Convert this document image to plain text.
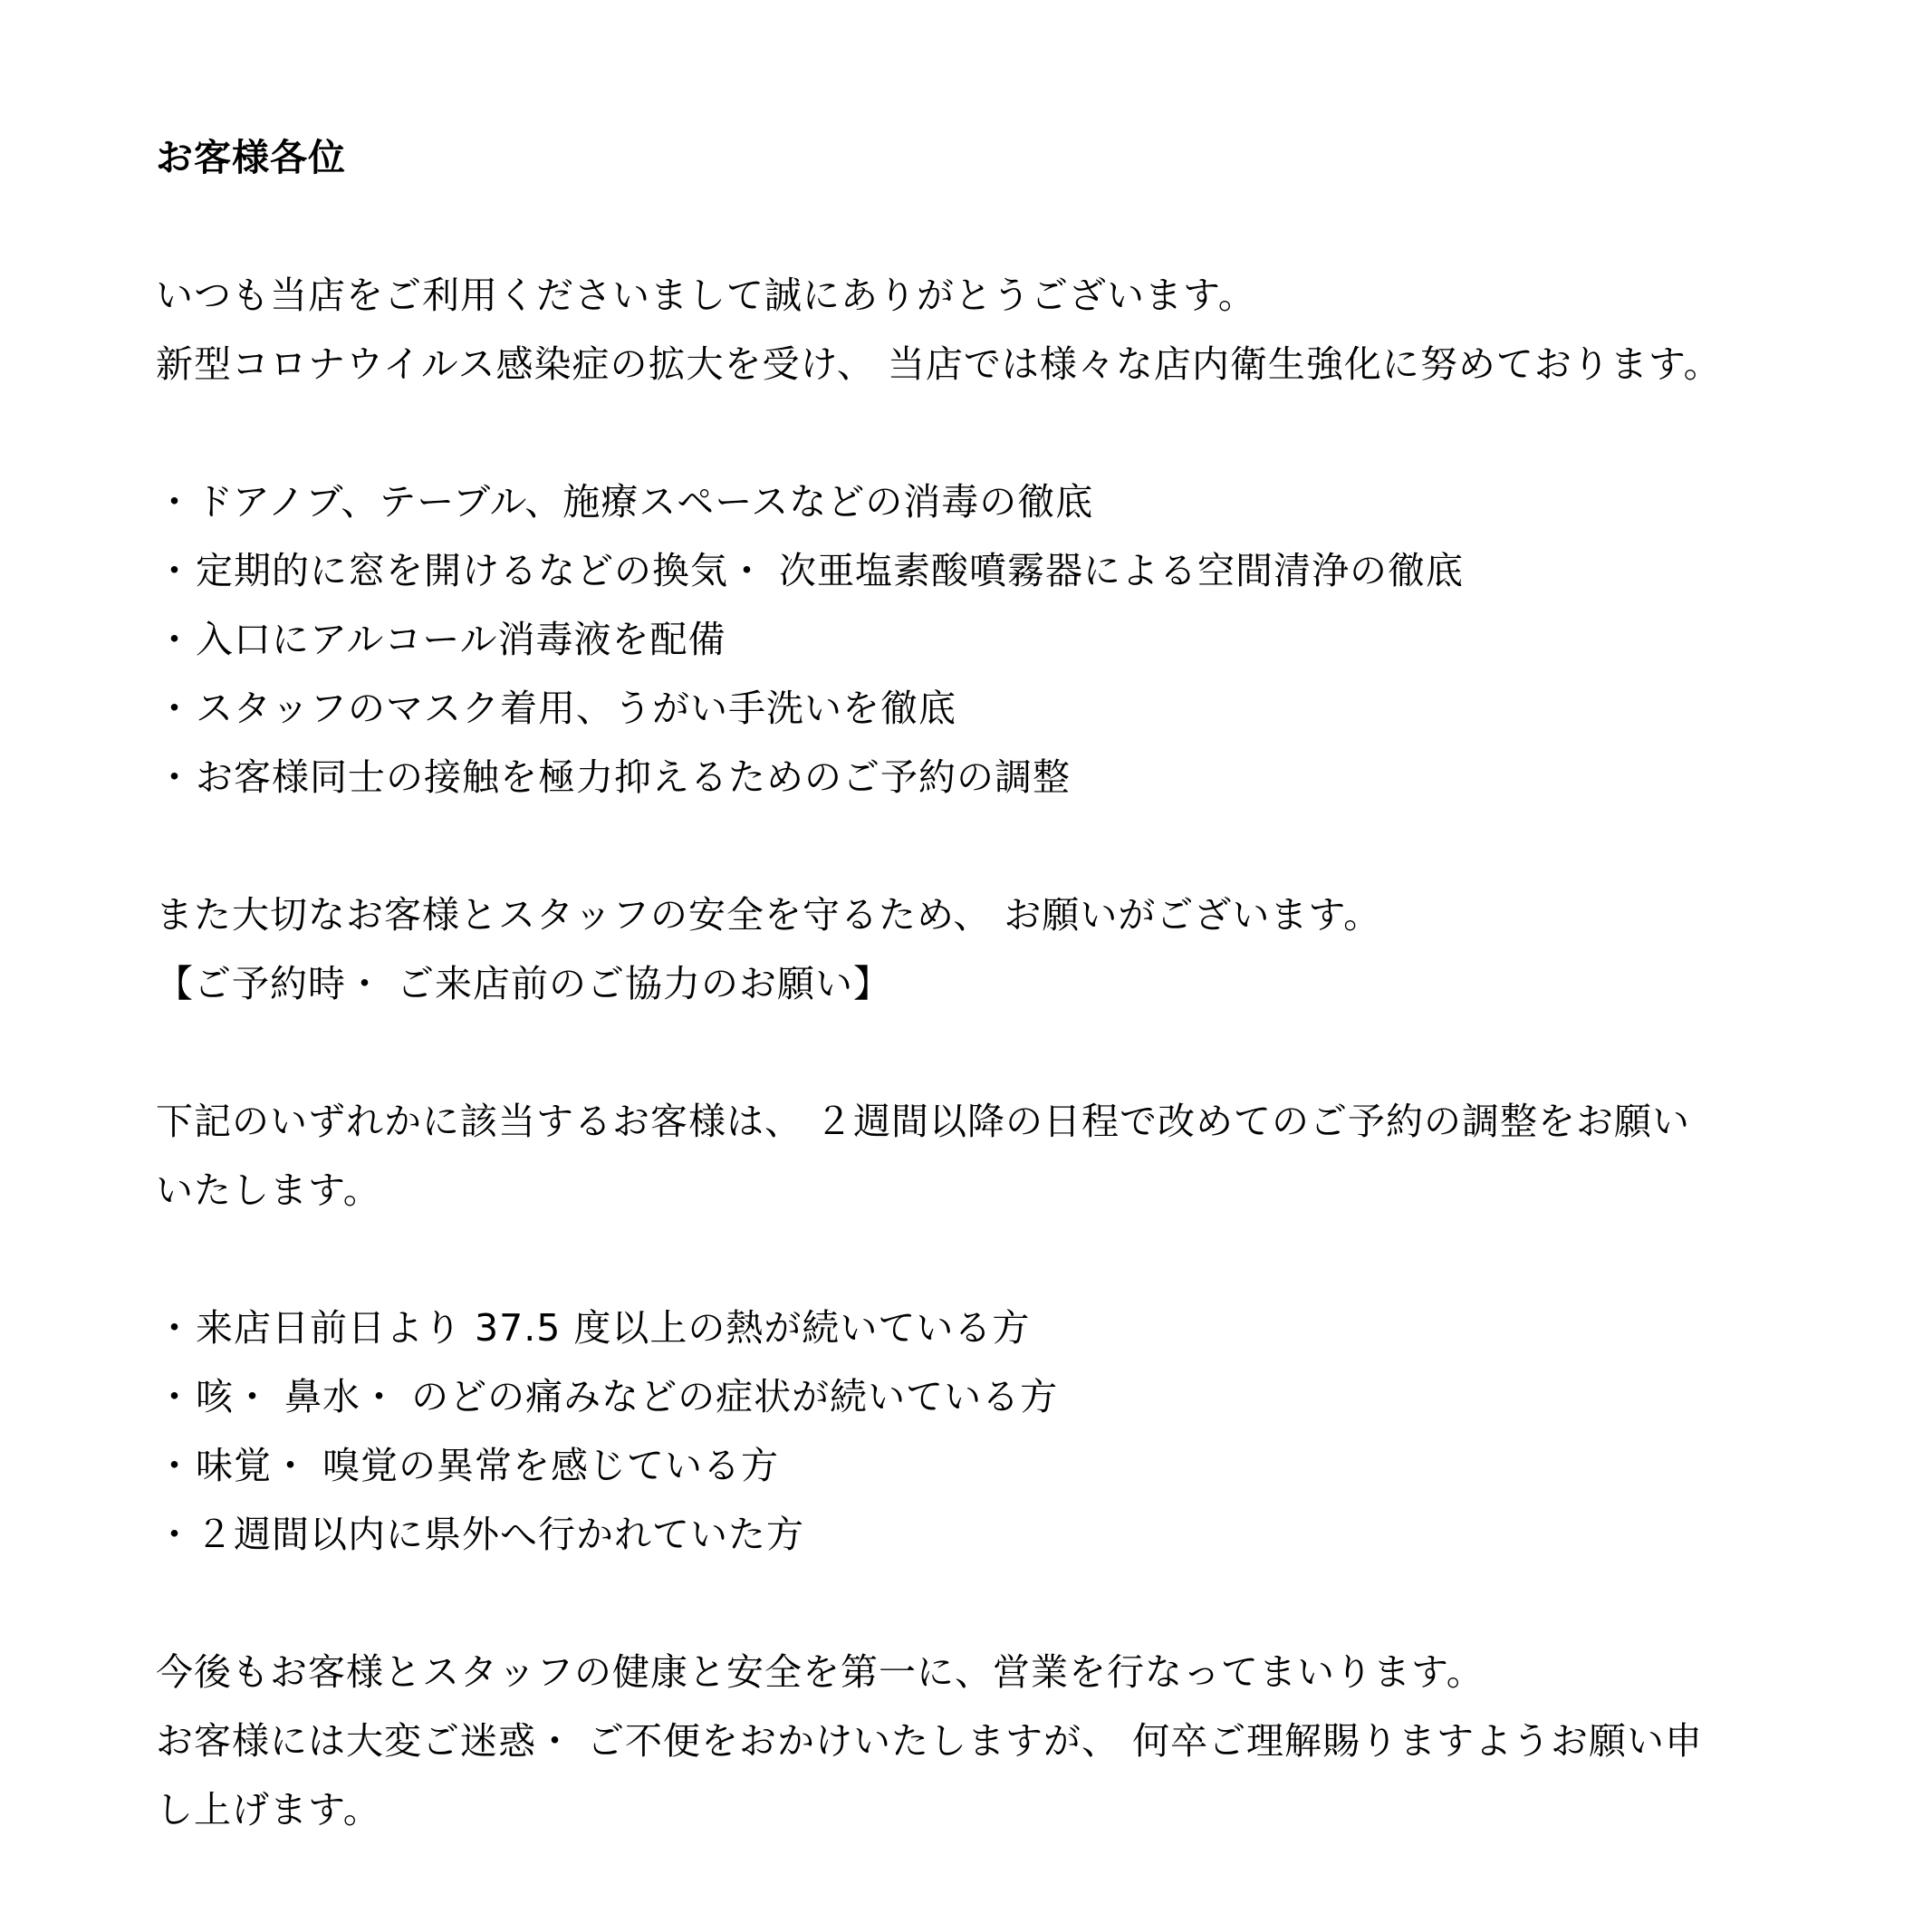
お客様各位
いつも当店をご利用くださいまして誠にありがとうございます。
新型コロナウイルス感染症の拡大を受け、 当店では様々な店内衛生強化に努めております。
・ドアノブ、テーブル、施療スペースなどの消毒の徹底
・定期的に窓を開けるなどの換気・ 次亜塩素酸噴霧器による空間清浄の徹底
・入口にアルコール消毒液を配備
・スタッフのマスク着用、うがい手洗いを徹底
・お客様同士の接触を極力抑えるためのご予約の調整
また大切なお客様とスタッフの安全を守るため、 お願いがございます。
【ご予約時・ ご来店前のご協力のお願い】
下記のいずれかに該当するお客様は、 ２週間以降の日程で改めてのご予約の調整をお願い
いたします。
・来店日前日より 37.5 度以上の熱が続いている方
・咳・ 鼻水・ のどの痛みなどの症状が続いている方
・味覚・ 嗅覚の異常を感じている方
・２週間以内に県外へ行かれていた方
今後もお客様とスタッフの健康と安全を第一に、営業を行なってまいります。
お客様には大変ご迷惑・ ご不便をおかけいたしますが、 何卒ご理解賜りますようお願い申
し上げます。
